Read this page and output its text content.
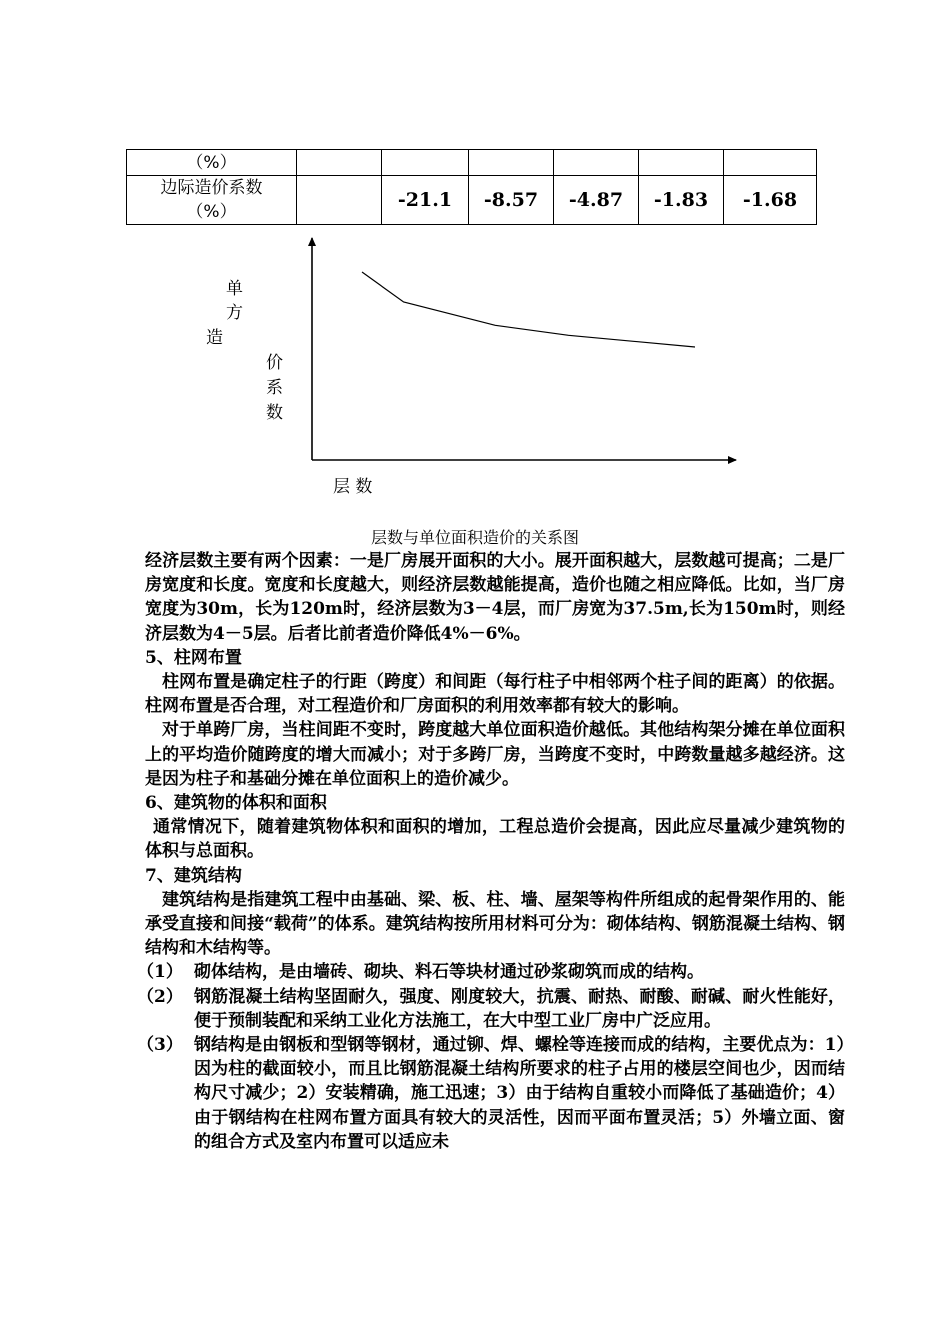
（%）						

边际造价系数
（%）		-21.1	-8.57	-4.87	-1.83	-1.68
单
方
造
价
系
数
层 数
层数与单位面积造价的关系图

经济层数主要有两个因素：一是厂房展开面积的大小。展开面积越大，层数越可提高；二是厂房宽度和长度。宽度和长度越大，则经济层数越能提高，造价也随之相应降低。比如，当厂房宽度为30m，长为120m时，经济层数为3－4层，而厂房宽为37.5m,长为150m时，则经济层数为4－5层。后者比前者造价降低4%－6%。

5、柱网布置

柱网布置是确定柱子的行距（跨度）和间距（每行柱子中相邻两个柱子间的距离）的依据。柱网布置是否合理，对工程造价和厂房面积的利用效率都有较大的影响。

对于单跨厂房，当柱间距不变时，跨度越大单位面积造价越低。其他结构架分摊在单位面积上的平均造价随跨度的增大而减小；对于多跨厂房，当跨度不变时，中跨数量越多越经济。这是因为柱子和基础分摊在单位面积上的造价减少。

6、建筑物的体积和面积

通常情况下，随着建筑物体积和面积的增加，工程总造价会提高，因此应尽量减少建筑物的体积与总面积。

7、建筑结构

建筑结构是指建筑工程中由基础、梁、板、柱、墙、屋架等构件所组成的起骨架作用的、能承受直接和间接“载荷”的体系。建筑结构按所用材料可分为：砌体结构、钢筋混凝土结构、钢结构和木结构等。

（1） 砌体结构，是由墙砖、砌块、料石等块材通过砂浆砌筑而成的结构。
（2） 钢筋混凝土结构坚固耐久，强度、刚度较大，抗震、耐热、耐酸、耐碱、耐火性能好，便于预制装配和采纳工业化方法施工，在大中型工业厂房中广泛应用。
（3） 钢结构是由钢板和型钢等钢材，通过铆、焊、螺栓等连接而成的结构，主要优点为：1）因为柱的截面较小，而且比钢筋混凝土结构所要求的柱子占用的楼层空间也少，因而结构尺寸减少；2）安装精确，施工迅速；3）由于结构自重较小而降低了基础造价；4）由于钢结构在柱网布置方面具有较大的灵活性，因而平面布置灵活；5）外墙立面、窗的组合方式及室内布置可以适应未
